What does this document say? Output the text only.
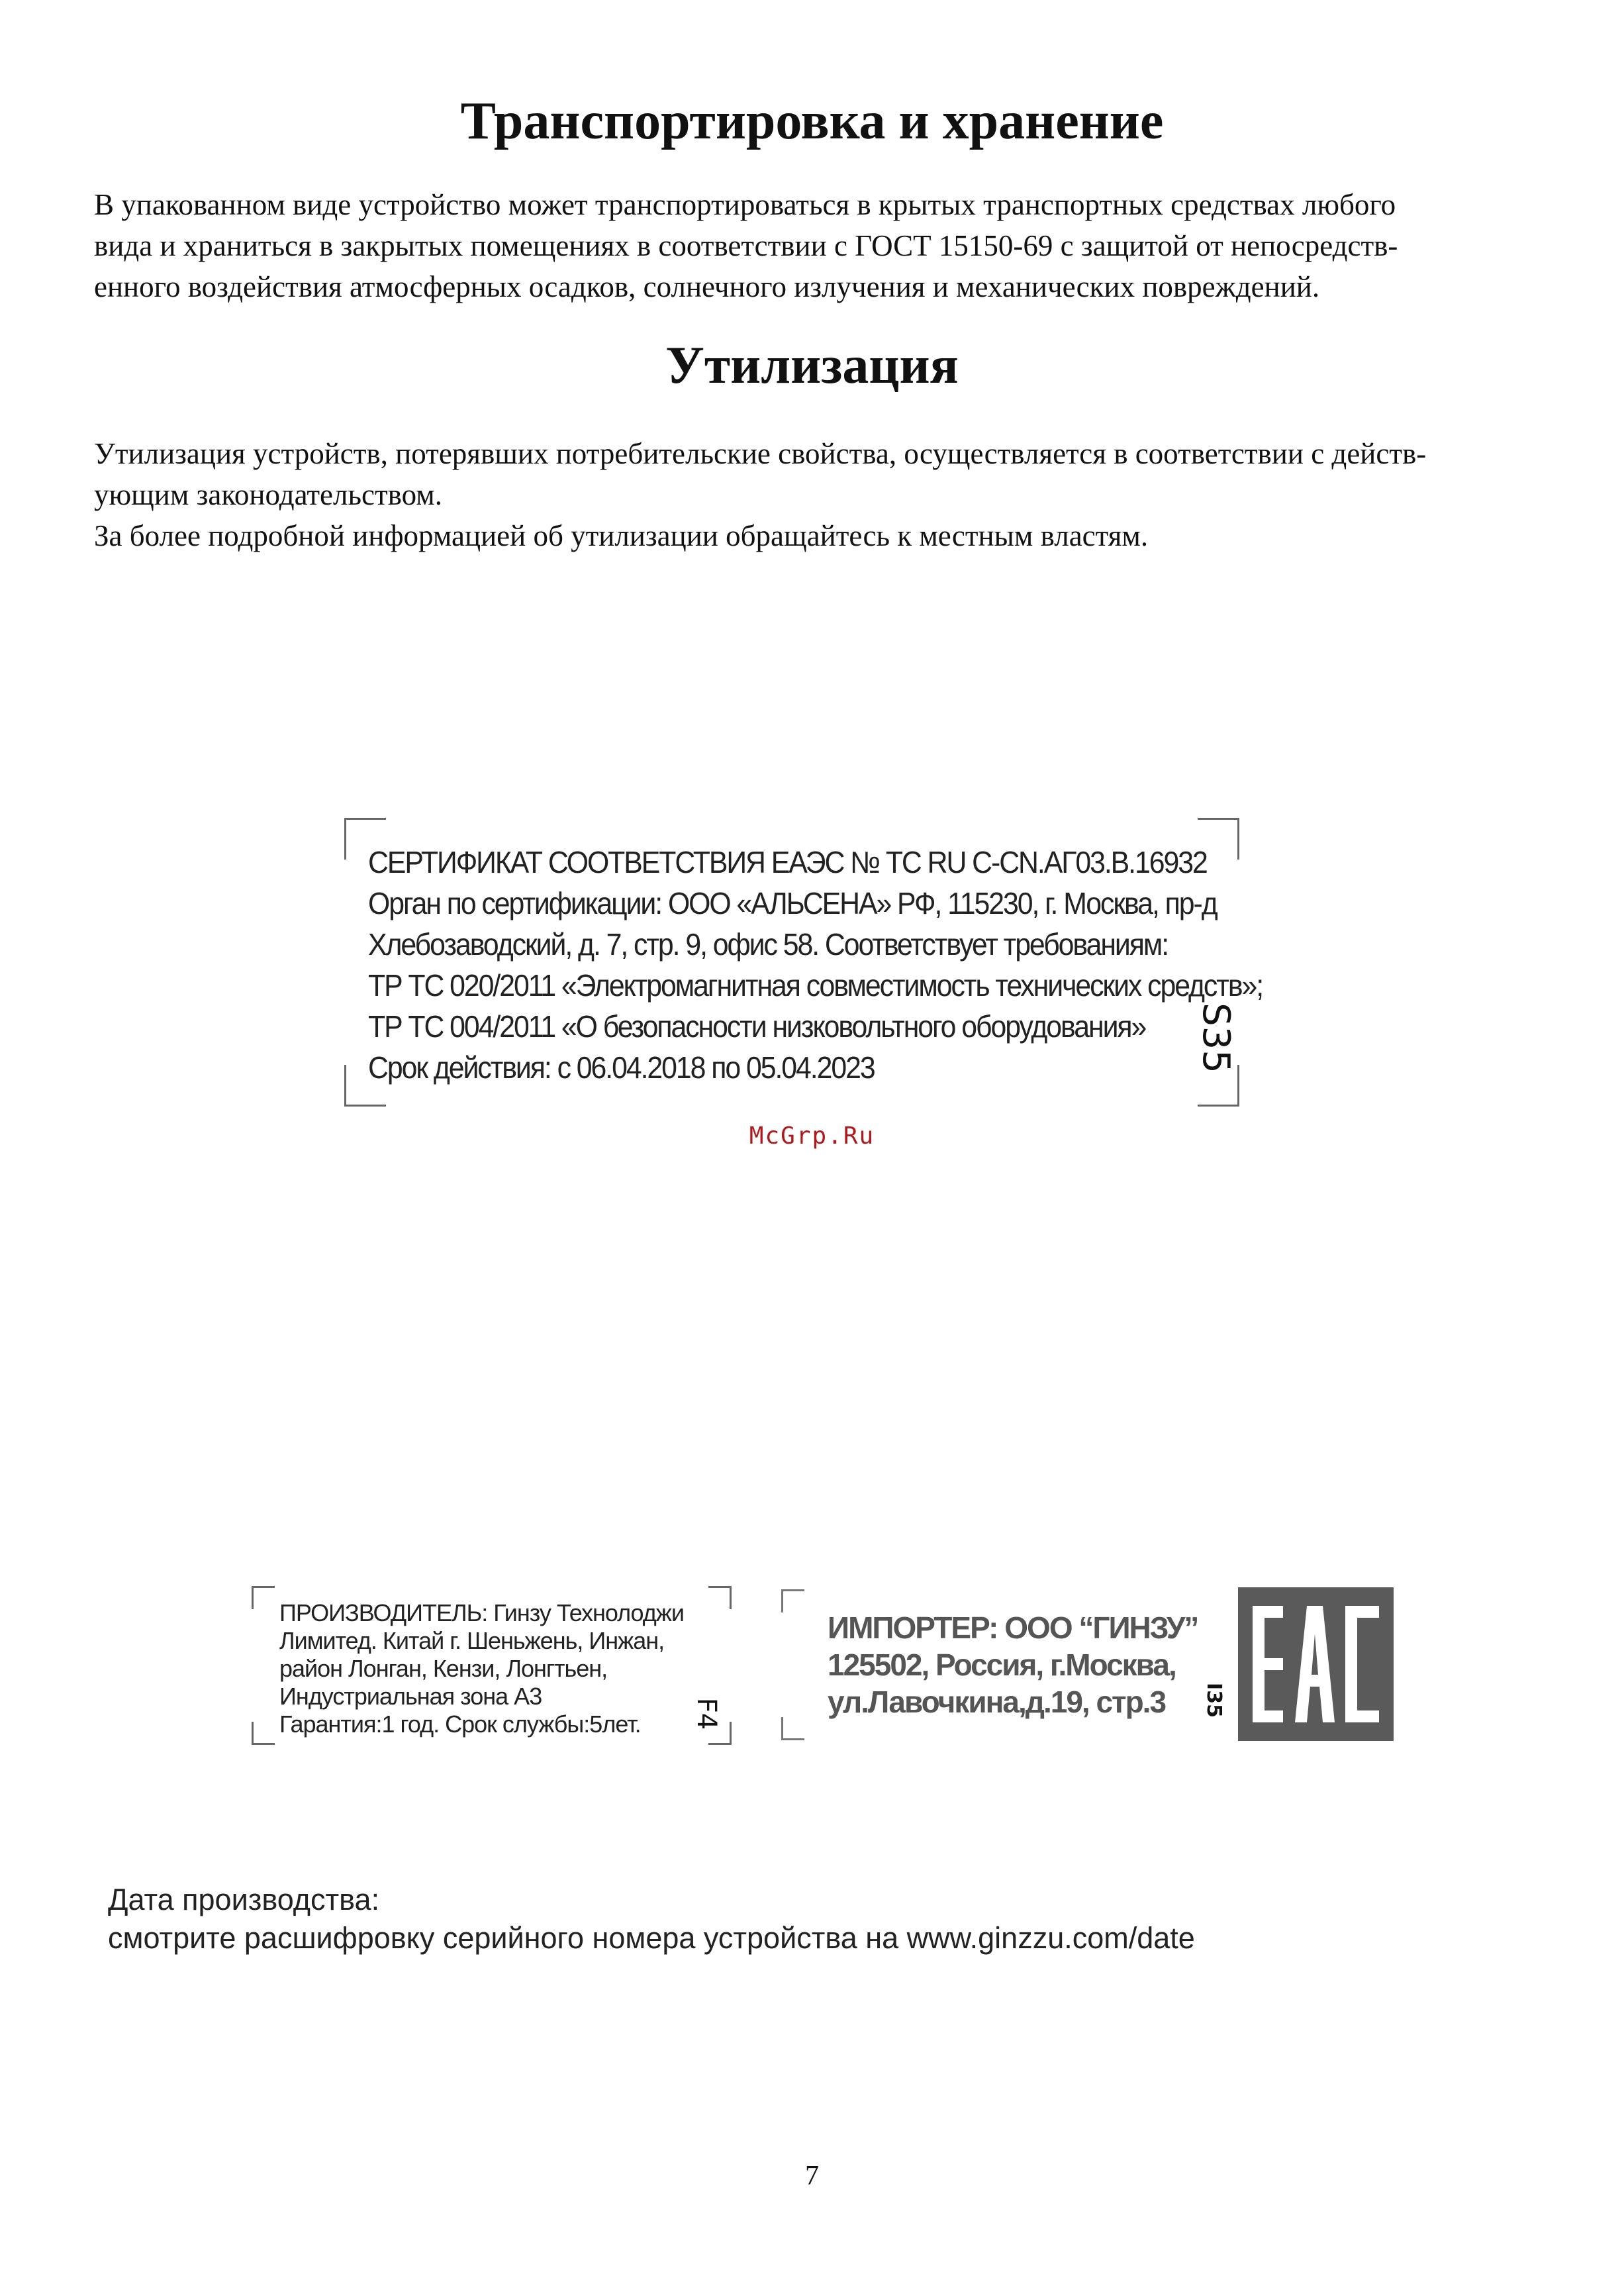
Транспортировка и хранение
В упакованном виде устройство может транспортироваться в крытых транспортных средствах любого
вида и храниться в закрытых помещениях в соответствии с ГОСТ 15150-69 с защитой от непосредств-
енного воздействия атмосферных осадков, солнечного излучения и механических повреждений.
Утилизация
Утилизация устройств, потерявших потребительские свойства, осуществляется в соответствии с действ-
ующим законодательством.
За более подробной информацией об утилизации обращайтесь к местным властям.
СЕРТИФИКАТ СООТВЕТСТВИЯ ЕАЭС № ТС RU C-CN.АГ03.В.16932
Орган по сертификации: ООО «АЛЬСЕНА» РФ, 115230, г. Москва, пр-д
Хлебозаводский, д. 7, стр. 9, офис 58. Соответствует требованиям:
ТР ТС 020/2011 «Электромагнитная совместимость технических средств»;
ТР ТС 004/2011 «О безопасности низковольтного оборудования»
Срок действия: с 06.04.2018 по 05.04.2023	S35
McGrp.Ru
ПРОИЗВОДИТЕЛЬ: Гинзу Технолоджи
Лимитед. Китай г. Шеньжень, Инжан,
район Лонган, Кензи, Лонгтьен,
Индустриальная зона А3
Гарантия:1 год. Срок службы:5лет.	F4
ИМПОРТЕР: ООО “ГИНЗУ”
125502, Россия, г.Москва,
ул.Лавочкина,д.19, стр.3	I35
Дата производства:
смотрите расшифровку серийного номера устройства на www.ginzzu.com/date
7
